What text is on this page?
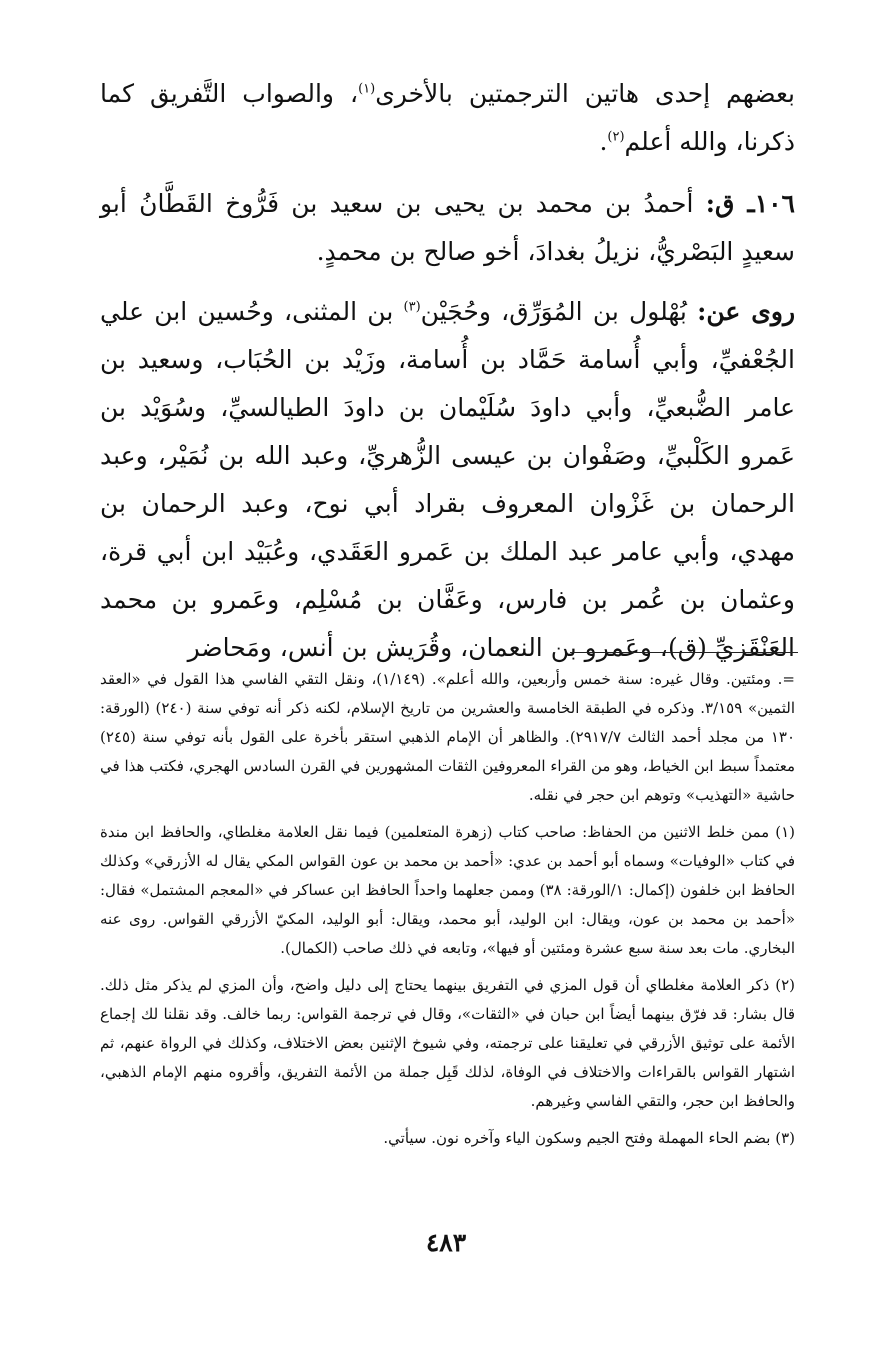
بعضهم إحدى هاتين الترجمتين بالأخرى$^{(١)}$، والصواب التَّفريق كما ذكرنا، والله أعلم$^{(٢)}$.

١٠٦ـ ق: أحمدُ بن محمد بن يحيى بن سعيد بن فَرُّوخ القَطَّانُ أبو سعيدٍ البَصْريُّ، نزيلُ بغدادَ، أخو صالح بن محمدٍ.

روى عن: بُهْلول بن المُوَرِّق، وحُجَيْن$^{(٣)}$ بن المثنى، وحُسين ابن علي الجُعْفيِّ، وأبي أُسامة حَمَّاد بن أُسامة، وزَيْد بن الحُبَاب، وسعيد بن عامر الضُّبعيِّ، وأبي داودَ سُلَيْمان بن داودَ الطيالسيِّ، وسُوَيْد بن عَمرو الكَلْبيِّ، وصَفْوان بن عيسى الزُّهريِّ، وعبد الله بن نُمَيْر، وعبد الرحمان بن غَزْوان المعروف بقراد أبي نوح، وعبد الرحمان بن مهدي، وأبي عامر عبد الملك بن عَمرو العَقَدي، وعُبَيْد ابن أبي قرة، وعثمان بن عُمر بن فارس، وعَفَّان بن مُسْلِم، وعَمرو بن محمد العَنْقَزيِّ (ق)، وعَمرو بن النعمان، وقُرَيش بن أنس، ومَحاضر

=. ومئتين. وقال غيره: سنة خمس وأربعين، والله أعلم». (١/١٤٩)، ونقل التقي الفاسي هذا القول في «العقد الثمين» ٣/١٥٩. وذكره في الطبقة الخامسة والعشرين من تاريخ الإسلام، لكنه ذكر أنه توفي سنة (٢٤٠) (الورقة: ١٣٠ من مجلد أحمد الثالث ٢٩١٧/٧). والظاهر أن الإمام الذهبي استقر بأخرة على القول بأنه توفي سنة (٢٤٥) معتمداً سبط ابن الخياط، وهو من القراء المعروفين الثقات المشهورين في القرن السادس الهجري، فكتب هذا في حاشية «التهذيب» وتوهم ابن حجر في نقله.

(١) ممن خلط الاثنين من الحفاظ: صاحب كتاب (زهرة المتعلمين) فيما نقل العلامة مغلطاي، والحافظ ابن مندة في كتاب «الوفيات» وسماه أبو أحمد بن عدي: «أحمد بن محمد بن عون القواس المكي يقال له الأزرقي» وكذلك الحافظ ابن خلفون (إكمال: ١/الورقة: ٣٨) وممن جعلهما واحداً الحافظ ابن عساكر في «المعجم المشتمل» فقال: «أحمد بن محمد بن عون، ويقال: ابن الوليد، أبو محمد، ويقال: أبو الوليد، المكيّ الأزرقي القواس. روى عنه البخاري. مات بعد سنة سبع عشرة ومئتين أو فيها»، وتابعه في ذلك صاحب (الكمال).

(٢) ذكر العلامة مغلطاي أن قول المزي في التفريق بينهما يحتاج إلى دليل واضح، وأن المزي لم يذكر مثل ذلك. قال بشار: قد فرّق بينهما أيضاً ابن حبان في «الثقات»، وقال في ترجمة القواس: ربما خالف. وقد نقلنا لك إجماع الأئمة على توثيق الأزرقي في تعليقنا على ترجمته، وفي شيوخ الإثنين بعض الاختلاف، وكذلك في الرواة عنهم، ثم اشتهار القواس بالقراءات والاختلاف في الوفاة، لذلك قَبِل جملة من الأئمة التفريق، وأقروه منهم الإمام الذهبي، والحافظ ابن حجر، والتقي الفاسي وغيرهم.

(٣) بضم الحاء المهملة وفتح الجيم وسكون الياء وآخره نون. سيأتي.

٤٨٣
